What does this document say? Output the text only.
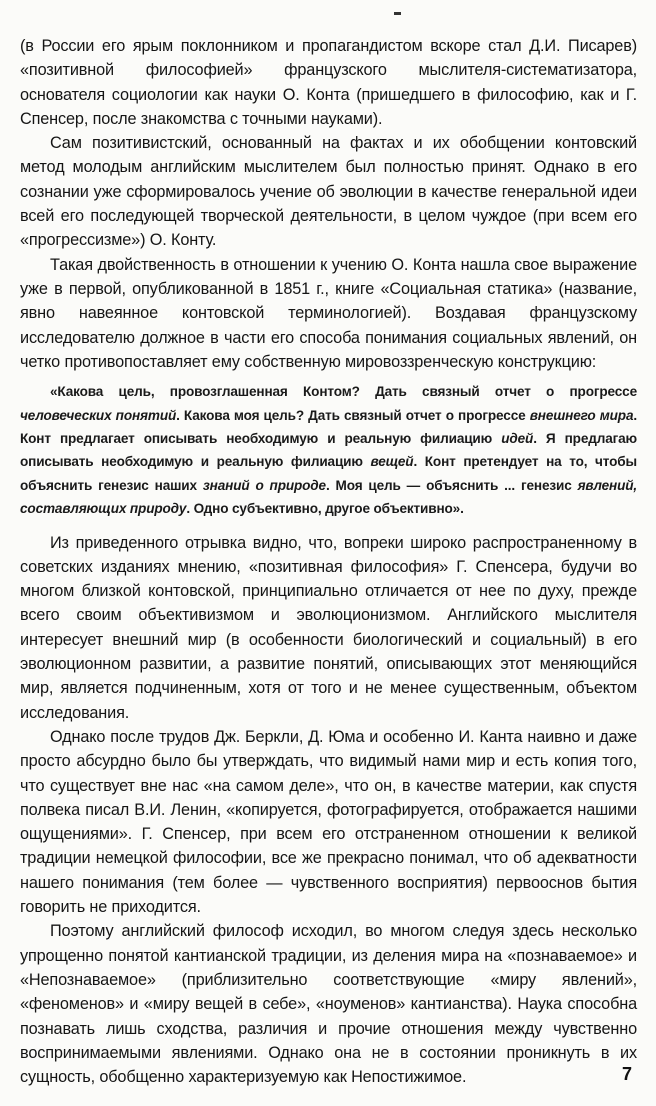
(в России его ярым поклонником и пропагандистом вскоре стал Д.И. Писарев) «позитивной философией» французского мыслителя-систематизатора, основателя социологии как науки О. Конта (пришедшего в философию, как и Г. Спенсер, после знакомства с точными науками).

Сам позитивистский, основанный на фактах и их обобщении контовский метод молодым английским мыслителем был полностью принят. Однако в его сознании уже сформировалось учение об эволюции в качестве генеральной идеи всей его последующей творческой деятельности, в целом чуждое (при всем его «прогрессизме») О. Конту.

Такая двойственность в отношении к учению О. Конта нашла свое выражение уже в первой, опубликованной в 1851 г., книге «Социальная статика» (название, явно навеянное контовской терминологией). Воздавая французскому исследователю должное в части его способа понимания социальных явлений, он четко противопоставляет ему собственную мировоззренческую конструкцию:

«Какова цель, провозглашенная Контом? Дать связный отчет о прогрессе человеческих понятий. Какова моя цель? Дать связный отчет о прогрессе внешнего мира. Конт предлагает описывать необходимую и реальную филиацию идей. Я предлагаю описывать необходимую и реальную филиацию вещей. Конт претендует на то, чтобы объяснить генезис наших знаний о природе. Моя цель — объяснить ... генезис явлений, составляющих природу. Одно субъективно, другое объективно».

Из приведенного отрывка видно, что, вопреки широко распространенному в советских изданиях мнению, «позитивная философия» Г. Спенсера, будучи во многом близкой контовской, принципиально отличается от нее по духу, прежде всего своим объективизмом и эволюционизмом. Английского мыслителя интересует внешний мир (в особенности биологический и социальный) в его эволюционном развитии, а развитие понятий, описывающих этот меняющийся мир, является подчиненным, хотя от того и не менее существенным, объектом исследования.

Однако после трудов Дж. Беркли, Д. Юма и особенно И. Канта наивно и даже просто абсурдно было бы утверждать, что видимый нами мир и есть копия того, что существует вне нас «на самом деле», что он, в качестве материи, как спустя полвека писал В.И. Ленин, «копируется, фотографируется, отображается нашими ощущениями». Г. Спенсер, при всем его отстраненном отношении к великой традиции немецкой философии, все же прекрасно понимал, что об адекватности нашего понимания (тем более — чувственного восприятия) первооснов бытия говорить не приходится.

Поэтому английский философ исходил, во многом следуя здесь несколько упрощенно понятой кантианской традиции, из деления мира на «познаваемое» и «Непознаваемое» (приблизительно соответствующие «миру явлений», «феноменов» и «миру вещей в себе», «ноуменов» кантианства). Наука способна познавать лишь сходства, различия и прочие отношения между чувственно воспринимаемыми явлениями. Однако она не в состоянии проникнуть в их сущность, обобщенно характеризуемую как Непостижимое.	7
